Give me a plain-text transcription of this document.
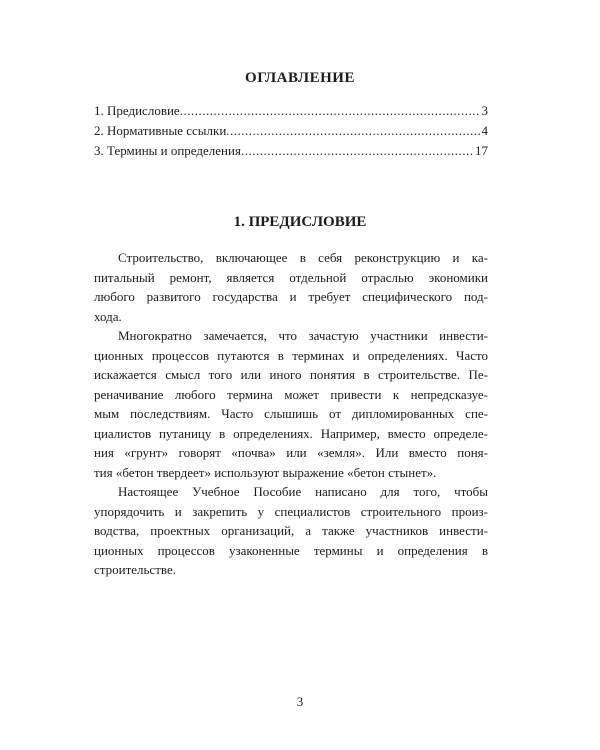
ОГЛАВЛЕНИЕ
1. Предисловие .....	3
2. Нормативные ссылки .....	4
3. Термины и определения .....	17
1. ПРЕДИСЛОВИЕ
Строительство, включающее в себя реконструкцию и ка-
питальный ремонт, является отдельной отраслью экономики
любого развитого государства и требует специфического под-
хода.
Многократно замечается, что зачастую участники инвести-
ционных процессов путаются в терминах и определениях. Часто
искажается смысл того или иного понятия в строительстве. Пе-
реначивание любого термина может привести к непредсказуе-
мым последствиям. Часто слышишь от дипломированных спе-
циалистов путаницу в определениях. Например, вместо определе-
ния «грунт» говорят «почва» или «земля». Или вместо поня-
тия «бетон твердеет» используют выражение «бетон стынет».
Настоящее Учебное Пособие написано для того, чтобы
упорядочить и закрепить у специалистов строительного произ-
водства, проектных организаций, а также участников инвести-
ционных процессов узаконенные термины и определения в
строительстве.
3
